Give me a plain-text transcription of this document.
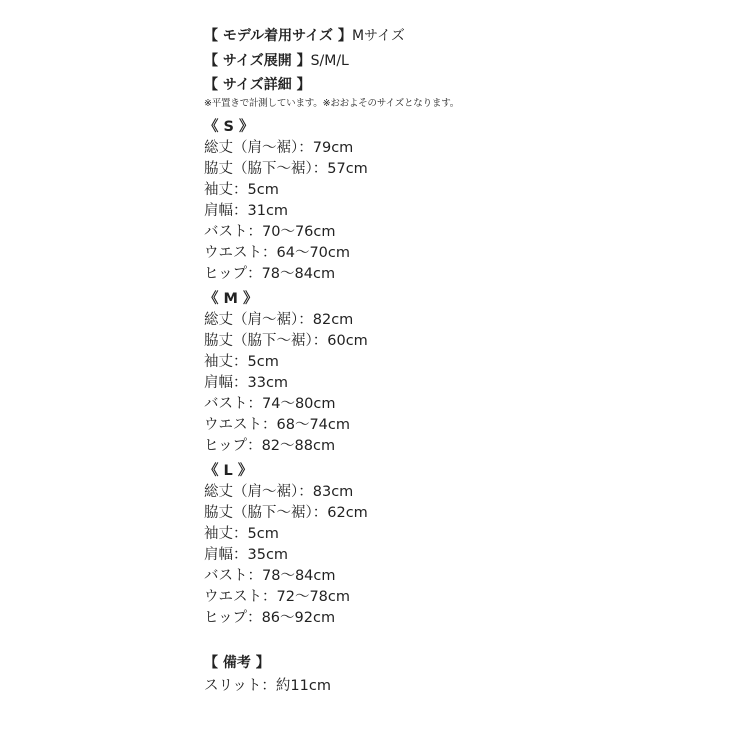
【 モデル着用サイズ 】Mサイズ
【 サイズ展開 】S/M/L
【 サイズ詳細 】
※平置きで計測しています。※おおよそのサイズとなります。
《 S 》
総丈（肩〜裾）：79cm
脇丈（脇下〜裾）：57cm
袖丈：5cm
肩幅：31cm
バスト：70〜76cm
ウエスト：64〜70cm
ヒップ：78〜84cm
《 M 》
総丈（肩〜裾）：82cm
脇丈（脇下〜裾）：60cm
袖丈：5cm
肩幅：33cm
バスト：74〜80cm
ウエスト：68〜74cm
ヒップ：82〜88cm
《 L 》
総丈（肩〜裾）：83cm
脇丈（脇下〜裾）：62cm
袖丈：5cm
肩幅：35cm
バスト：78〜84cm
ウエスト：72〜78cm
ヒップ：86〜92cm
【 備考 】
スリット：約11cm
